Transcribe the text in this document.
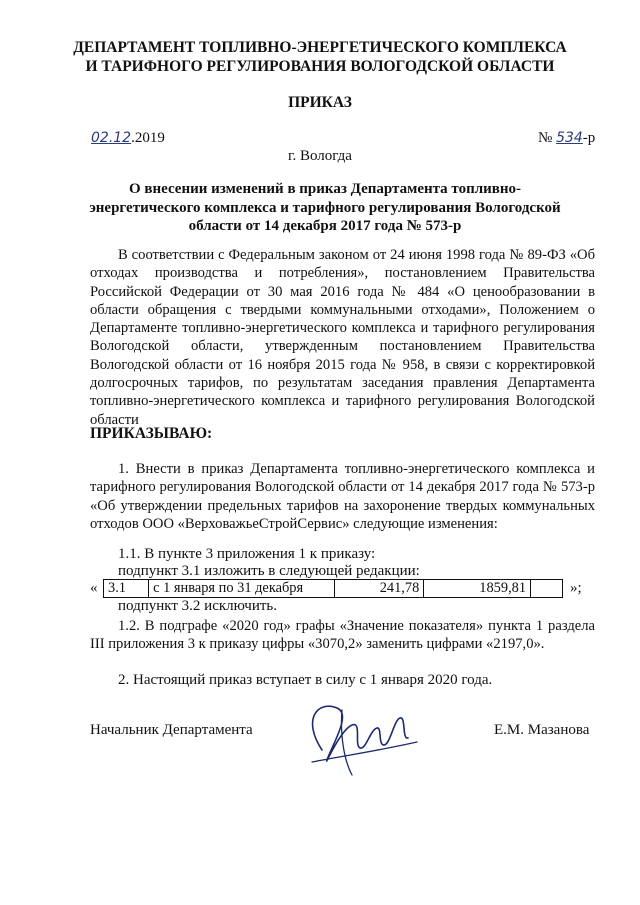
ДЕПАРТАМЕНТ ТОПЛИВНО-ЭНЕРГЕТИЧЕСКОГО КОМПЛЕКСА
И ТАРИФНОГО РЕГУЛИРОВАНИЯ ВОЛОГОДСКОЙ ОБЛАСТИ
ПРИКАЗ
02.12.2019	№ 534-р
г. Вологда
О внесении изменений в приказ Департамента топливно-
энергетического комплекса и тарифного регулирования Вологодской
области от 14 декабря 2017 года № 573-р
В соответствии с Федеральным законом от 24 июня 1998 года № 89-ФЗ «Об отходах производства и потребления», постановлением Правительства Российской Федерации от 30 мая 2016 года № 484 «О ценообразовании в области обращения с твердыми коммунальными отходами», Положением о Департаменте топливно-энергетического комплекса и тарифного регулирования Вологодской области, утвержденным постановлением Правительства Вологодской области от 16 ноября 2015 года № 958, в связи с корректировкой долгосрочных тарифов, по результатам заседания правления Департамента топливно-энергетического комплекса и тарифного регулирования Вологодской области
ПРИКАЗЫВАЮ:
1. Внести в приказ Департамента топливно-энергетического комплекса и тарифного регулирования Вологодской области от 14 декабря 2017 года № 573-р «Об утверждении предельных тарифов на захоронение твердых коммунальных отходов ООО «ВерховажьеСтройСервис» следующие изменения:
1.1. В пункте 3 приложения 1 к приказу:
подпункт 3.1 изложить в следующей редакции:
« 3.1	с 1 января по 31 декабря	241,78	1859,81		»;
подпункт 3.2 исключить.
1.2. В подграфе «2020 год» графы «Значение показателя» пункта 1 раздела III приложения 3 к приказу цифры «3070,2» заменить цифрами «2197,0».
2. Настоящий приказ вступает в силу с 1 января 2020 года.
Начальник Департамента	Е.М. Мазанова
